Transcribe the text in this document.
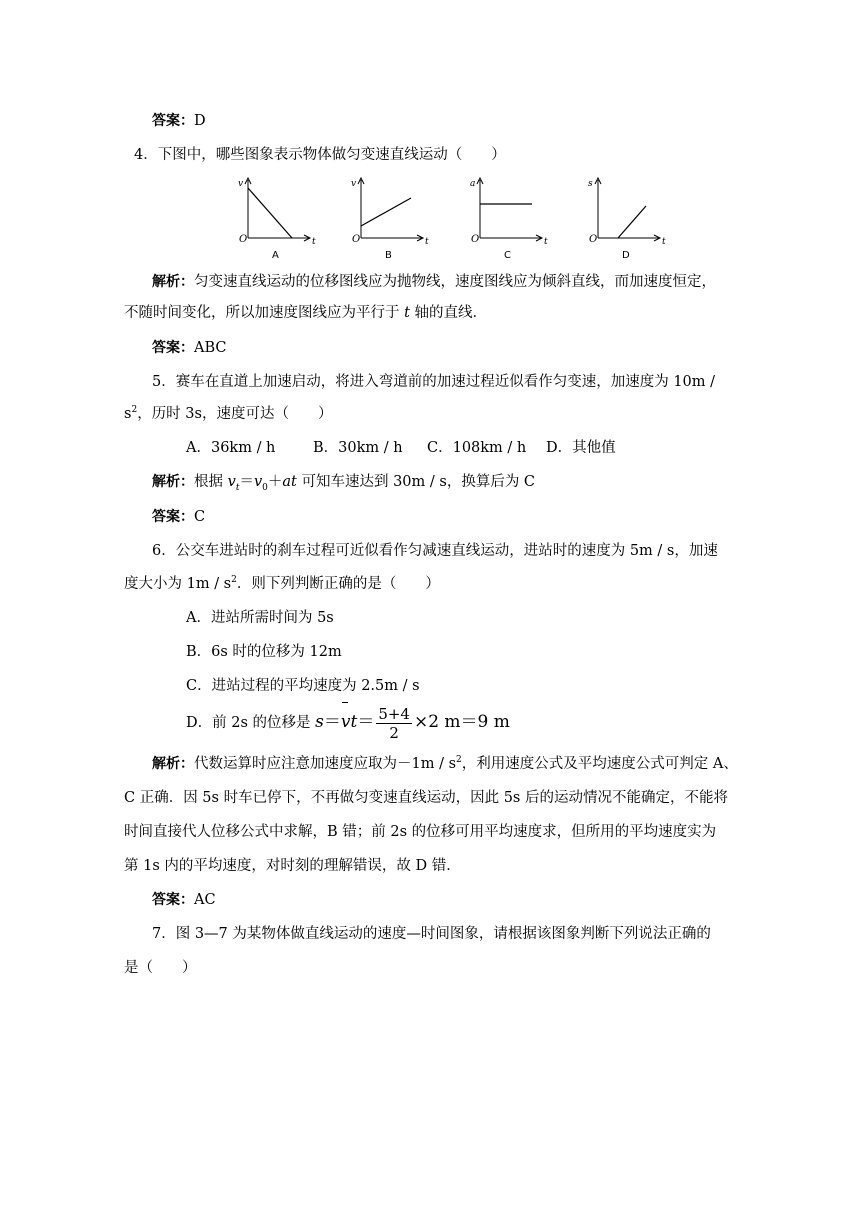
答案：D
4．下图中，哪些图象表示物体做匀变速直线运动（　　）
v
O	t
A
v
O	t
B
a
O	t
C
s
O	t
D
解析：匀变速直线运动的位移图线应为抛物线，速度图线应为倾斜直线，而加速度恒定，
不随时间变化，所以加速度图线应为平行于 t 轴的直线．
答案：ABC
5．赛车在直道上加速启动，将进入弯道前的加速过程近似看作匀变速，加速度为 10m /
$s^2$，历时 3s，速度可达（　　）
A．36km / h	B．30km / h C．108km / h D．其他值
解析：根据 $v_t=v_0+at$ 可知车速达到 30m / s，换算后为 C
答案：C
6．公交车进站时的刹车过程可近似看作匀减速直线运动，进站时的速度为 5m / s，加速
度大小为 $1m / s^2$．则下列判断正确的是（　　）
A．进站所需时间为 5s
B．6s 时的位移为 12m
C．进站过程的平均速度为 2.5m / s
D．前 2s 的位移是 $s=vt= \frac{5+4}{2} \times 2$ m＝9 m
解析：代数运算时应注意加速度应取为$-1m / s^2$，利用速度公式及平均速度公式可判定 A、
C 正确．因 5s 时车已停下，不再做匀变速直线运动，因此 5s 后的运动情况不能确定，不能将
时间直接代人位移公式中求解，B 错；前 2s 的位移可用平均速度求，但所用的平均速度实为
第 1s 内的平均速度，对时刻的理解错误，故 D 错．
答案：AC
7．图 3—7 为某物体做直线运动的速度—时间图象，请根据该图象判断下列说法正确的
是（　　）
